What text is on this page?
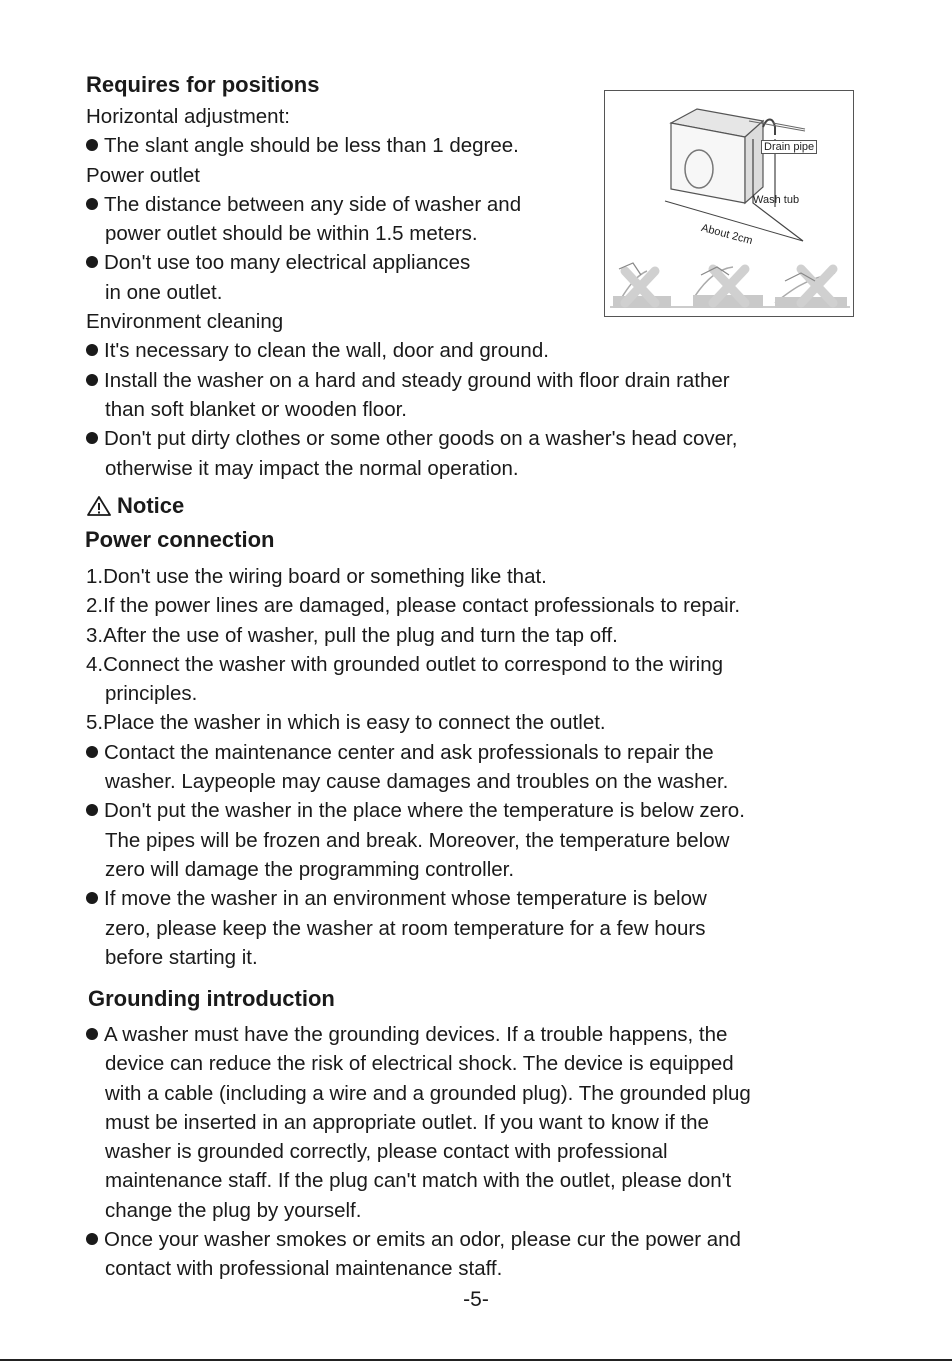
Requires for positions
Horizontal adjustment:
The slant angle should be less than 1 degree.
Power outlet
The distance between any side of washer and
power outlet should be within 1.5 meters.
Don't use too many electrical appliances
in one outlet.
Environment cleaning
It's necessary to clean the wall, door and ground.
Install the washer on a hard and steady ground with floor drain rather
than soft blanket or wooden floor.
Don't put dirty clothes or some other goods on a washer's head cover,
otherwise it may impact the normal operation.
Drain pipe
Wash tub
About 2cm
Notice
Power connection
1.Don't use the wiring board or something like that.
2.If the power lines are damaged, please contact professionals to repair.
3.After the use of washer, pull the plug and turn the tap off.
4.Connect the washer with grounded outlet to correspond to the wiring
principles.
5.Place the washer in which is easy to connect the outlet.
Contact the maintenance center and ask professionals to repair the
washer. Laypeople may cause damages and troubles on the washer.
Don't put the washer in the place where the temperature is below zero.
The pipes will be frozen and break. Moreover, the temperature below
zero will damage the programming controller.
If move the washer in an environment whose temperature is below
zero, please keep the washer at room temperature for a few hours
before starting it.
Grounding introduction
A washer must have the grounding devices. If a trouble happens, the
device can reduce the risk of electrical shock. The device is equipped
with a cable (including a wire and a grounded plug). The grounded plug
must be inserted in an appropriate outlet. If you want to know if the
washer is grounded correctly, please contact with professional
maintenance staff. If the plug can't match with the outlet, please don't
change the plug by yourself.
Once your washer smokes or emits an odor, please cur the power and
contact with professional maintenance staff.
-5-
